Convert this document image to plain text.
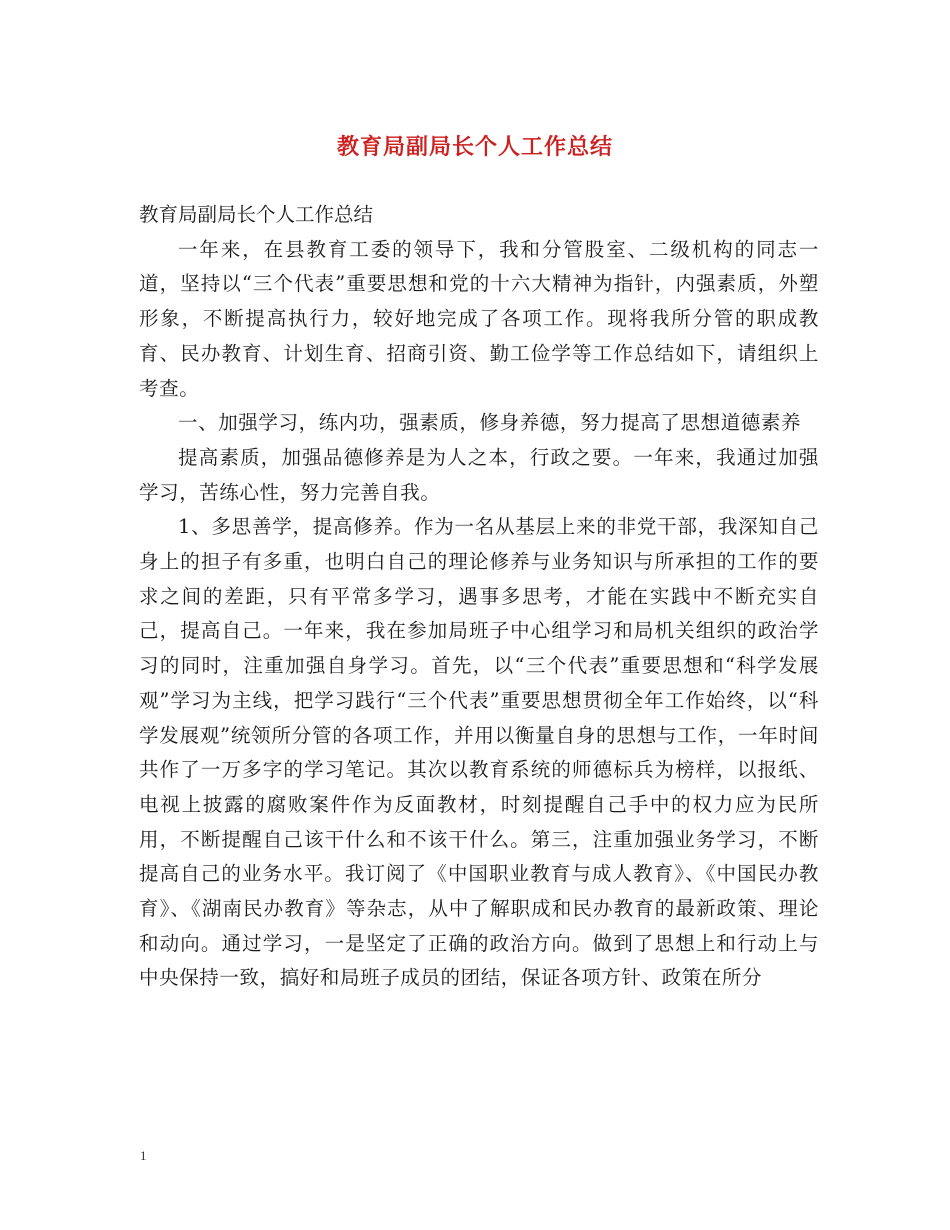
教育局副局长个人工作总结

教育局副局长个人工作总结

一年来，在县教育工委的领导下，我和分管股室、二级机构的同志一道，坚持以“三个代表”重要思想和党的十六大精神为指针，内强素质，外塑形象，不断提高执行力，较好地完成了各项工作。现将我所分管的职成教育、民办教育、计划生育、招商引资、勤工俭学等工作总结如下，请组织上考查。

一、加强学习，练内功，强素质，修身养德，努力提高了思想道德素养

提高素质，加强品德修养是为人之本，行政之要。一年来，我通过加强学习，苦练心性，努力完善自我。

1、多思善学，提高修养。作为一名从基层上来的非党干部，我深知自己身上的担子有多重，也明白自己的理论修养与业务知识与所承担的工作的要求之间的差距，只有平常多学习，遇事多思考，才能在实践中不断充实自己，提高自己。一年来，我在参加局班子中心组学习和局机关组织的政治学习的同时，注重加强自身学习。首先，以“三个代表”重要思想和“科学发展观”学习为主线，把学习践行“三个代表”重要思想贯彻全年工作始终，以“科学发展观”统领所分管的各项工作，并用以衡量自身的思想与工作，一年时间共作了一万多字的学习笔记。其次以教育系统的师德标兵为榜样，以报纸、电视上披露的腐败案件作为反面教材，时刻提醒自己手中的权力应为民所用，不断提醒自己该干什么和不该干什么。第三，注重加强业务学习，不断提高自己的业务水平。我订阅了《中国职业教育与成人教育》、《中国民办教育》、《湖南民办教育》等杂志，从中了解职成和民办教育的最新政策、理论和动向。通过学习，一是坚定了正确的政治方向。做到了思想上和行动上与中央保持一致，搞好和局班子成员的团结，保证各项方针、政策在所分

1
